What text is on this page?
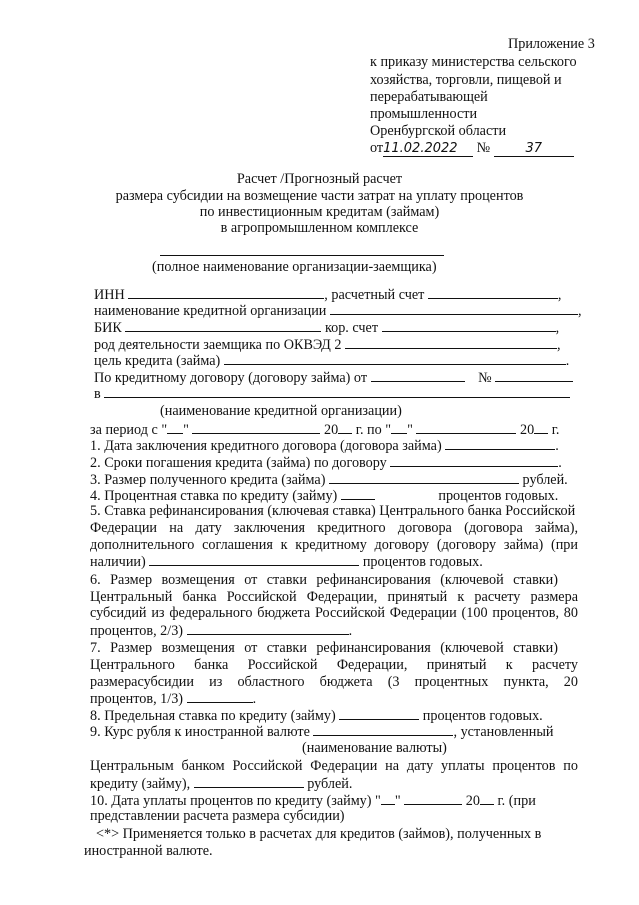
Приложение 3
к приказу министерства сельского
хозяйства, торговли, пищевой и
перерабатывающей
промышленности
Оренбургской области
от11.02.2022 №	37
Расчет /Прогнозный расчет
размера субсидии на возмещение части затрат на уплату процентов
по инвестиционным кредитам (займам)
в агропромышленном комплексе
(полное наименование организации-заемщика)
ИНН	, расчетный счет	,
наименование кредитной организации	,
БИК	кор. счет	,
род деятельности заемщика по ОКВЭД 2	,
цель кредита (займа)	.
По кредитному договору (договору займа) от	№
в
(наименование кредитной организации)
за период с " "	20 г. по " "	20 г.
1. Дата заключения кредитного договора (договора займа)	.
2. Сроки погашения кредита (займа) по договору	.
3. Размер полученного кредита (займа)	рублей.
4. Процентная ставка по кредиту (займу)	процентов годовых.
5. Ставка рефинансирования (ключевая ставка) Центрального банка Российской
Федерации на дату заключения кредитного договора (договора займа),
дополнительного соглашения к кредитному договору (договору займа) (при
наличии)	процентов годовых.
6. Размер возмещения от ставки рефинансирования (ключевой ставки)
Центральный банка Российской Федерации, принятый к расчету размера
субсидий из федерального бюджета Российской Федерации (100 процентов, 80
процентов, 2/3)	.
7. Размер возмещения от ставки рефинансирования (ключевой ставки)
Центрального банка Российской Федерации, принятый к расчету
размерасубсидии из областного бюджета (3 процентных пункта, 20
процентов, 1/3)	.
8. Предельная ставка по кредиту (займу)	процентов годовых.
9. Курс рубля к иностранной валюте	, установленный
(наименование валюты)
Центральным банком Российской Федерации на дату уплаты процентов по
кредиту (займу),	рублей.
10. Дата уплаты процентов по кредиту (займу) " "	20 г. (при
представлении расчета размера субсидии)
<*> Применяется только в расчетах для кредитов (займов), полученных в
иностранной валюте.
